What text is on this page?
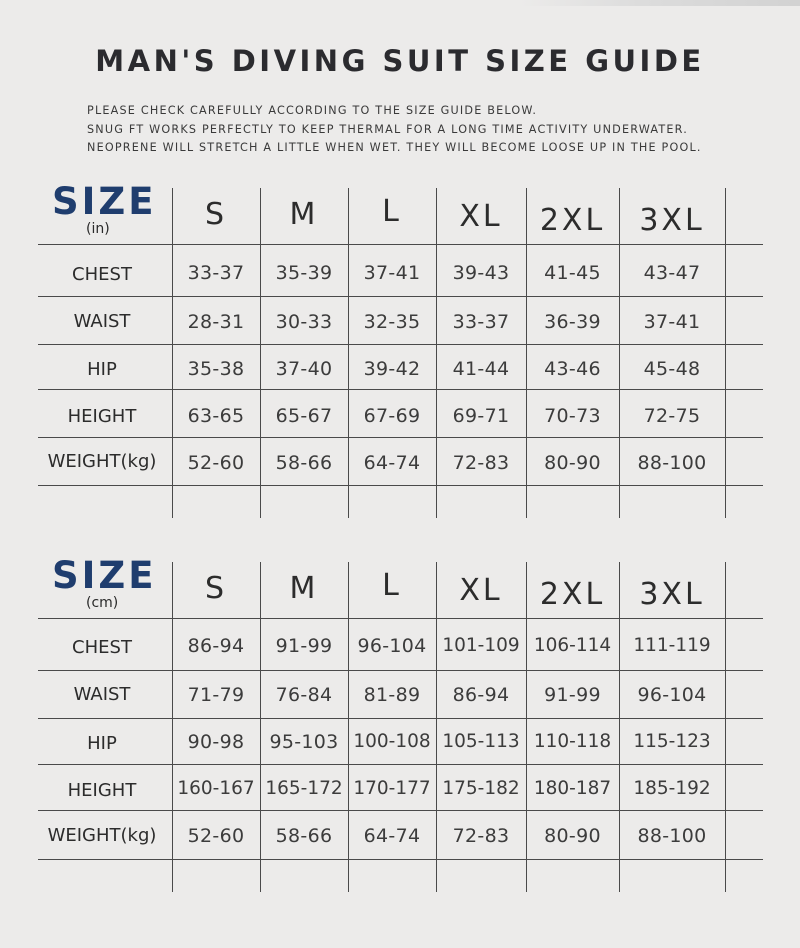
MAN'S DIVING SUIT SIZE GUIDE
PLEASE CHECK CAREFULLY ACCORDING TO THE SIZE GUIDE BELOW.
SNUG FT WORKS PERFECTLY TO KEEP THERMAL FOR A LONG TIME ACTIVITY UNDERWATER.
NEOPRENE WILL STRETCH A LITTLE WHEN WET. THEY WILL BECOME LOOSE UP IN THE POOL.
SIZE
(in)	S	M	L	XL	2XL	3XL
CHEST	33-37	35-39	37-41	39-43	41-45	43-47
WAIST	28-31	30-33	32-35	33-37	36-39	37-41
HIP	35-38	37-40	39-42	41-44	43-46	45-48
HEIGHT	63-65	65-67	67-69	69-71	70-73	72-75
WEIGHT(kg)	52-60	58-66	64-74	72-83	80-90	88-100
SIZE
(cm)	S	M	L	XL	2XL	3XL
CHEST	86-94	91-99	96-104 101-109 106-114	111-119
WAIST	71-79	76-84	81-89	86-94	91-99	96-104
HIP	90-98	95-103 100-108 105-113 110-118	115-123
HEIGHT	160-167 165-172 170-177 175-182 180-187	185-192
WEIGHT(kg)	52-60	58-66	64-74	72-83	80-90	88-100
